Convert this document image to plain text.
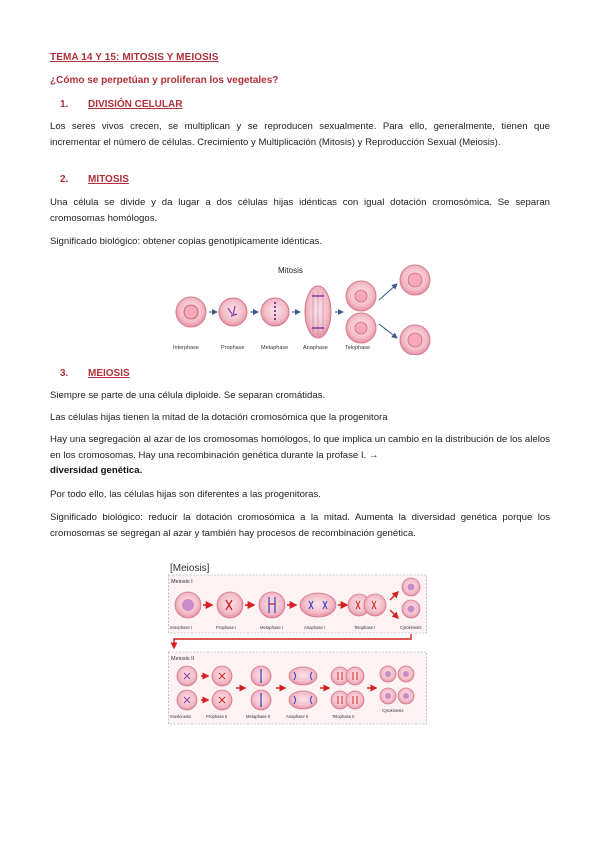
TEMA 14 Y 15: MITOSIS Y MEIOSIS
¿Cómo se perpetúan y proliferan los vegetales?
1. DIVISIÓN CELULAR
Los seres vivos crecen, se multiplican y se reproducen sexualmente. Para ello, generalmente, tienen que incrementar el número de células. Crecimiento y Multiplicación (Mitosis) y Reproducción Sexual (Meiosis).
2. MITOSIS
Una célula se divide y da lugar a dos células hijas idénticas con igual dotación cromosómica. Se separan cromosomas homólogos.
Significado biológico: obtener copias genotipicamente idénticas.
Mitosis
Interphase	Prophase	Metaphase	Anaphase	Telophase
3. MEIOSIS
Siempre se parte de una célula diploide. Se separan cromátidas.
Las células hijas tienen la mitad de la dotación cromosómica que la progenitora
Hay una segregación al azar de los cromosomas homólogos, lo que implica un cambio en la distribución de los alelos en los cromosomas. Hay una recombinación genética durante la profase I. →
diversidad genética.
Por todo ello, las células hijas son diferentes a las progenitoras.
Significado biológico: reducir la dotación cromosómica a la mitad. Aumenta la diversidad genética porque los cromosomas se segregan al azar y también hay procesos de recombinación genética.
[Meiosis]
Meiosis I
Interphase I	Prophase I	Metaphase I	Anaphase I	Telophase I	Cytokinesis
Meiosis II
Interkinesis	Prophase II	Metaphase II	Anaphase II	Telophase II
Cytokinesis
